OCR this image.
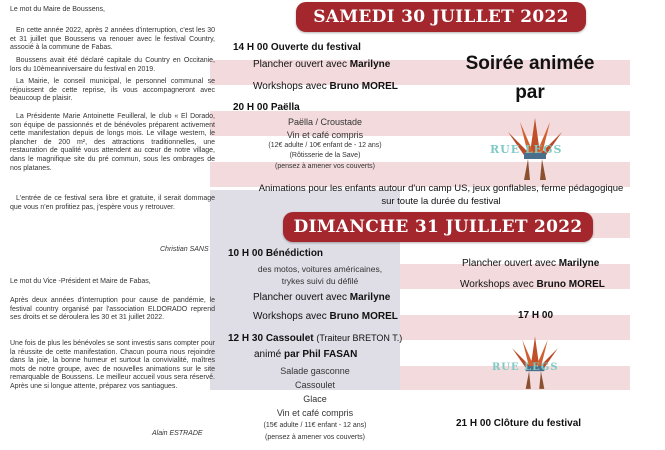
Le mot du Maire de Boussens,

En cette année 2022, après 2 années d'interruption, c'est les 30 et 31 juillet que Boussens va renouer avec le festival Country, associé à la commune de Fabas.

Boussens avait été déclaré capitale du Country en Occitanie, lors du 10èmeanniversaire du festival en 2019.

La Mairie, le conseil municipal, le personnel communal se réjouissent de cette reprise, ils vous accompagneront avec beaucoup de plaisir.

La Présidente Marie Antoinette Feuilleral, le club « El Dorado, son équipe de passionnés et de bénévoles préparent activement cette manifestation depuis de longs mois. Le village western, le plancher de 200 m², des attractions traditionnelles, une restauration de qualité vous attendent au cœur de notre village, dans le magnifique site du pré commun, sous les ombrages de nos platanes.

L'entrée de ce festival sera libre et gratuite, il serait dommage que vous n'en profitiez pas, j'espère vous y retrouver.

Christian SANS

Le mot du Vice -Président et Maire de Fabas,

Après deux années d'interruption pour cause de pandémie, le festival country organisé par l'association ELDORADO reprend ses droits et se déroulera les 30 et 31 juillet 2022.

Une fois de plus les bénévoles se sont investis sans compter pour la réussite de cette manifestation. Chacun pourra nous rejoindre dans la joie, la bonne humeur et surtout la convivialité, maîtres mots de notre groupe, avec de nouvelles animations sur le site remarquable de Boussens. Le meilleur accueil vous sera réservé. Après une si longue attente, préparez vos santiagues.

Alain ESTRADE
SAMEDI 30 JUILLET 2022
14 H 00 Ouverte du festival
Plancher ouvert avec Marilyne
Workshops avec Bruno MOREL
20 H 00 Paëlla
Paëlla / Croustade
Vin et café compris
(12€ adulte / 10€ enfant de - 12 ans)
(Rôtisserie de la Save)
(pensez à amener vos couverts)
Soirée animée
par
RUE LEGS
Animations pour les enfants autour d'un camp US, jeux gonflables, ferme pédagogique
sur toute la durée du festival
DIMANCHE 31 JUILLET 2022
10 H 00 Bénédiction
des motos, voitures américaines,
trykes suivi du défilé
Plancher ouvert avec Marilyne
Workshops avec Bruno MOREL
12 H 30 Cassoulet (Traiteur BRETON T.)
animé par Phil FASAN
Salade gasconne
Cassoulet
Glace
Vin et café compris
(15€ adulte / 11€ enfant - 12 ans)
(pensez à amener vos couverts)
Plancher ouvert avec Marilyne
Workshops avec Bruno MOREL
17 H 00
RUE LEGS
21 H 00 Clôture du festival
